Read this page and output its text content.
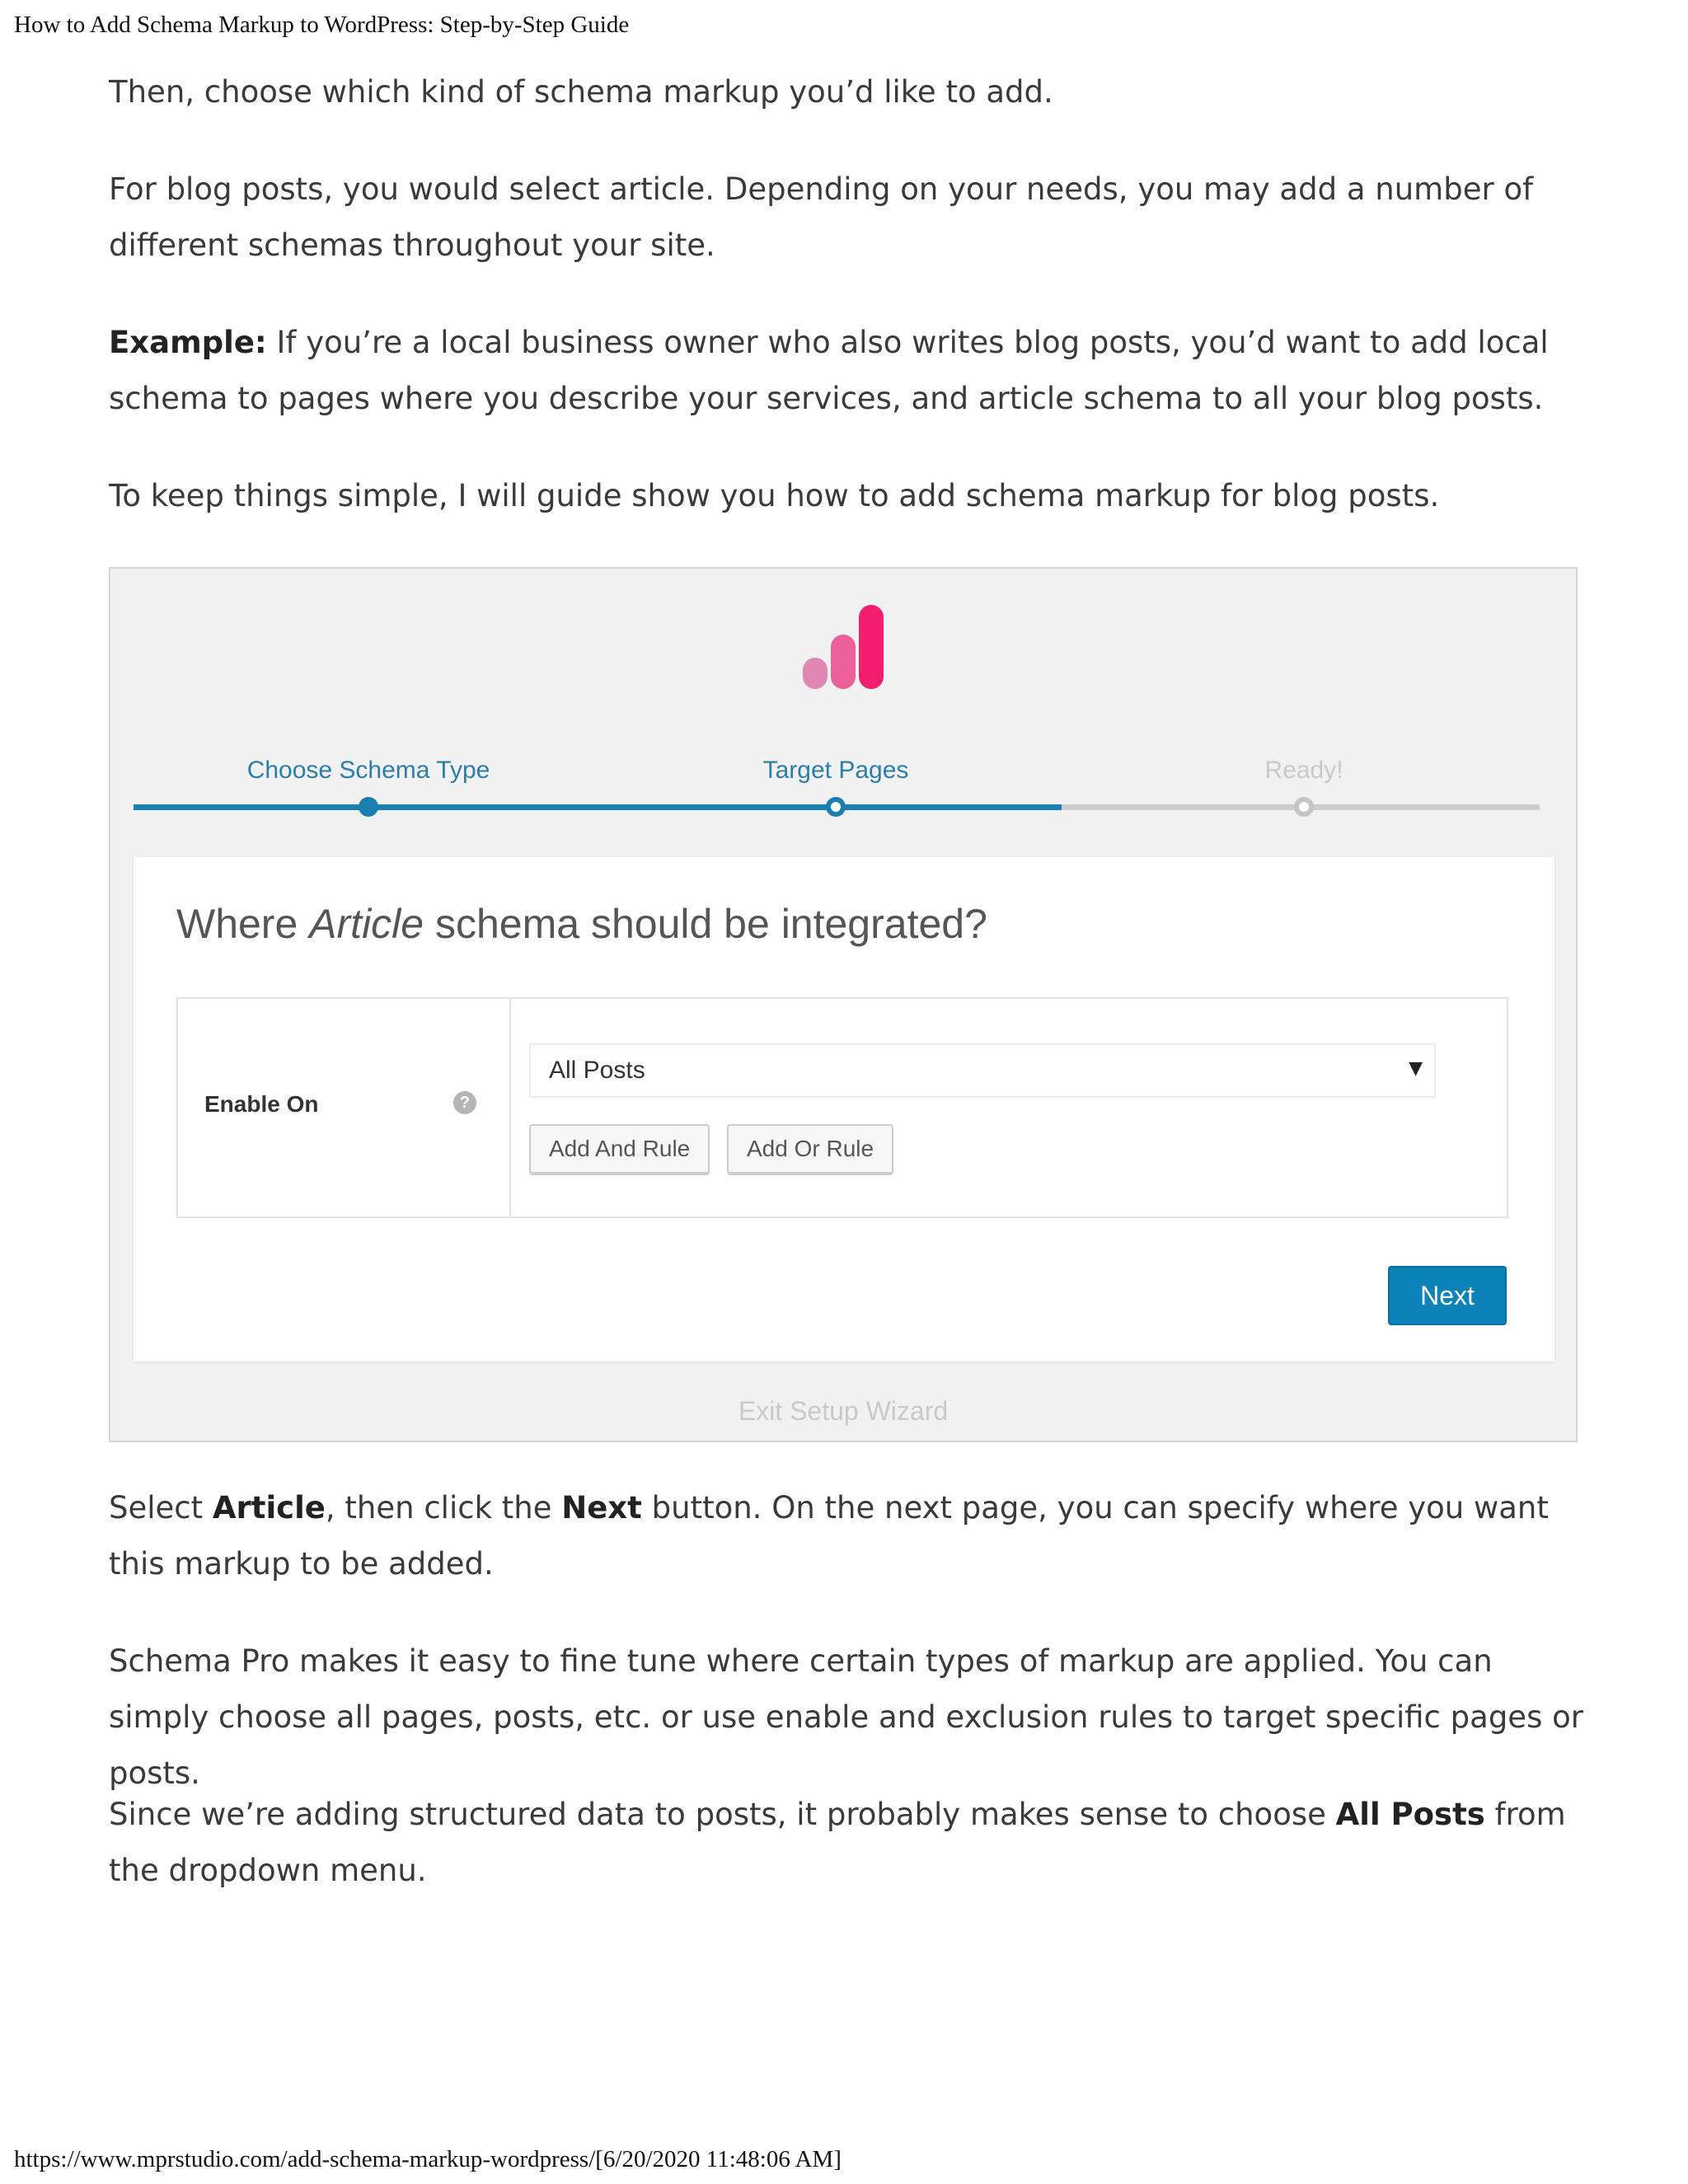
How to Add Schema Markup to WordPress: Step-by-Step Guide

Then, choose which kind of schema markup you’d like to add.

For blog posts, you would select article. Depending on your needs, you may add a number of different schemas throughout your site.

Example: If you’re a local business owner who also writes blog posts, you’d want to add local schema to pages where you describe your services, and article schema to all your blog posts.

To keep things simple, I will guide show you how to add schema markup for blog posts.

Choose Schema Type	Target Pages	Ready!
Where Article schema should be integrated?
Enable On	?
All Posts	▼
Add And Rule	Add Or Rule
Next
Exit Setup Wizard

Select Article, then click the Next button. On the next page, you can specify where you want this markup to be added.

Schema Pro makes it easy to fine tune where certain types of markup are applied. You can simply choose all pages, posts, etc. or use enable and exclusion rules to target specific pages or posts.

Since we’re adding structured data to posts, it probably makes sense to choose All Posts from the dropdown menu.

https://www.mprstudio.com/add-schema-markup-wordpress/[6/20/2020 11:48:06 AM]
